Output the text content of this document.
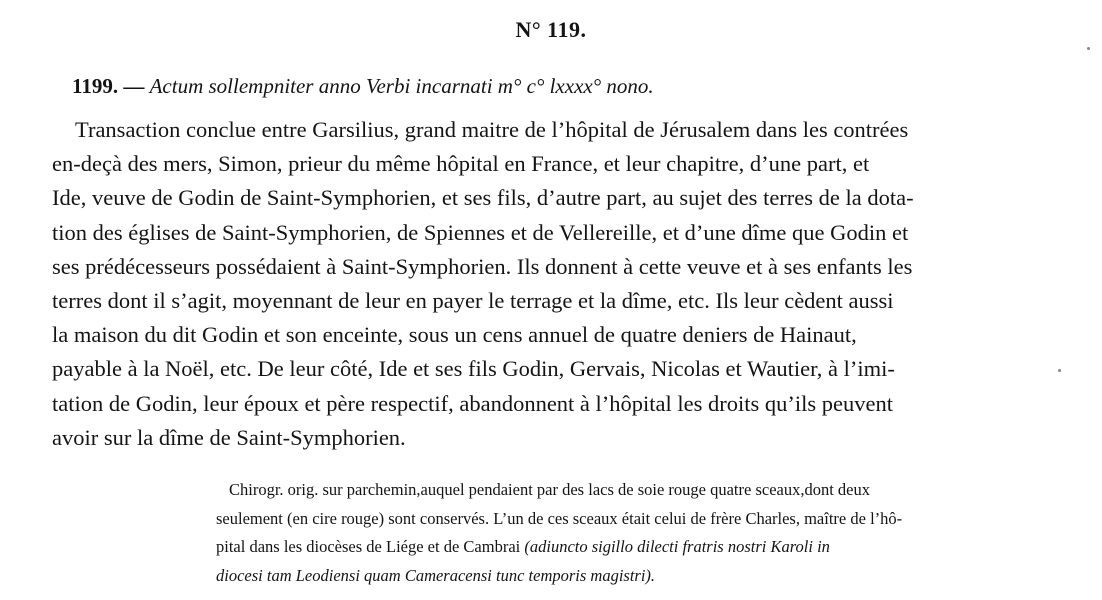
N° 119.
1199. — Actum sollempniter anno Verbi incarnati m° c° lxxxx° nono.
Transaction conclue entre Garsilius, grand maitre de l’hôpital de Jérusalem dans les contrées
en-deçà des mers, Simon, prieur du même hôpital en France, et leur chapitre, d’une part, et
Ide, veuve de Godin de Saint-Symphorien, et ses fils, d’autre part, au sujet des terres de la dota-
tion des églises de Saint-Symphorien, de Spiennes et de Vellereille, et d’une dîme que Godin et
ses prédécesseurs possédaient à Saint-Symphorien. Ils donnent à cette veuve et à ses enfants les
terres dont il s’agit, moyennant de leur en payer le terrage et la dîme, etc. Ils leur cèdent aussi
la maison du dit Godin et son enceinte, sous un cens annuel de quatre deniers de Hainaut,
payable à la Noël, etc. De leur côté, Ide et ses fils Godin, Gervais, Nicolas et Wautier, à l’imi-
tation de Godin, leur époux et père respectif, abandonnent à l’hôpital les droits qu’ils peuvent
avoir sur la dîme de Saint-Symphorien.
Chirogr. orig. sur parchemin,auquel pendaient par des lacs de soie rouge quatre sceaux,dont deux
seulement (en cire rouge) sont conservés. L’un de ces sceaux était celui de frère Charles, maître de l’hô-
pital dans les diocèses de Liége et de Cambrai (adiuncto sigillo dilecti fratris nostri Karoli in
diocesi tam Leodiensi quam Cameracensi tunc temporis magistri).
